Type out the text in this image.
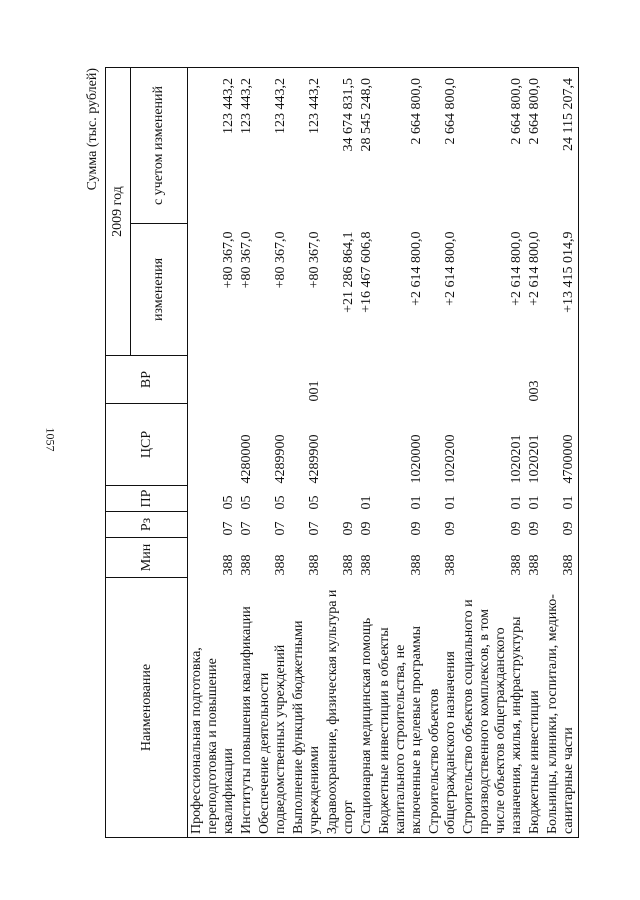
1057
Сумма (тыс. рублей)
Наименование	Мин	Рз	ПР	ЦСР	ВР	2009 год	
						изменения	с учетом изменений
Профессиональная подготовка, переподготовка и повышение квалификации	388	07	05			+80 367,0	123 443,2
Институты повышения квалификации	388	07	05	4280000		+80 367,0	123 443,2
Обеспечение деятельности подведомственных учреждений	388	07	05	4289900		+80 367,0	123 443,2
Выполнение функций бюджетными учреждениями	388	07	05	4289900	001	+80 367,0	123 443,2
Здравоохранение, физическая культура и спорт	388	09				+21 286 864,1	34 674 831,5
Стационарная медицинская помощь	388	09	01			+16 467 606,8	28 545 248,0
Бюджетные инвестиции в объекты капитального строительства, не включенные в целевые программы	388	09	01	1020000		+2 614 800,0	2 664 800,0
Строительство объектов общегражданского назначения	388	09	01	1020200		+2 614 800,0	2 664 800,0
Строительство объектов социального и производственного комплексов, в том числе объектов общегражданского назначения, жилья, инфраструктуры	388	09	01	1020201		+2 614 800,0	2 664 800,0
Бюджетные инвестиции	388	09	01	1020201	003	+2 614 800,0	2 664 800,0
Больницы, клиники, госпитали, медико-санитарные части	388	09	01	4700000		+13 415 014,9	24 115 207,4
